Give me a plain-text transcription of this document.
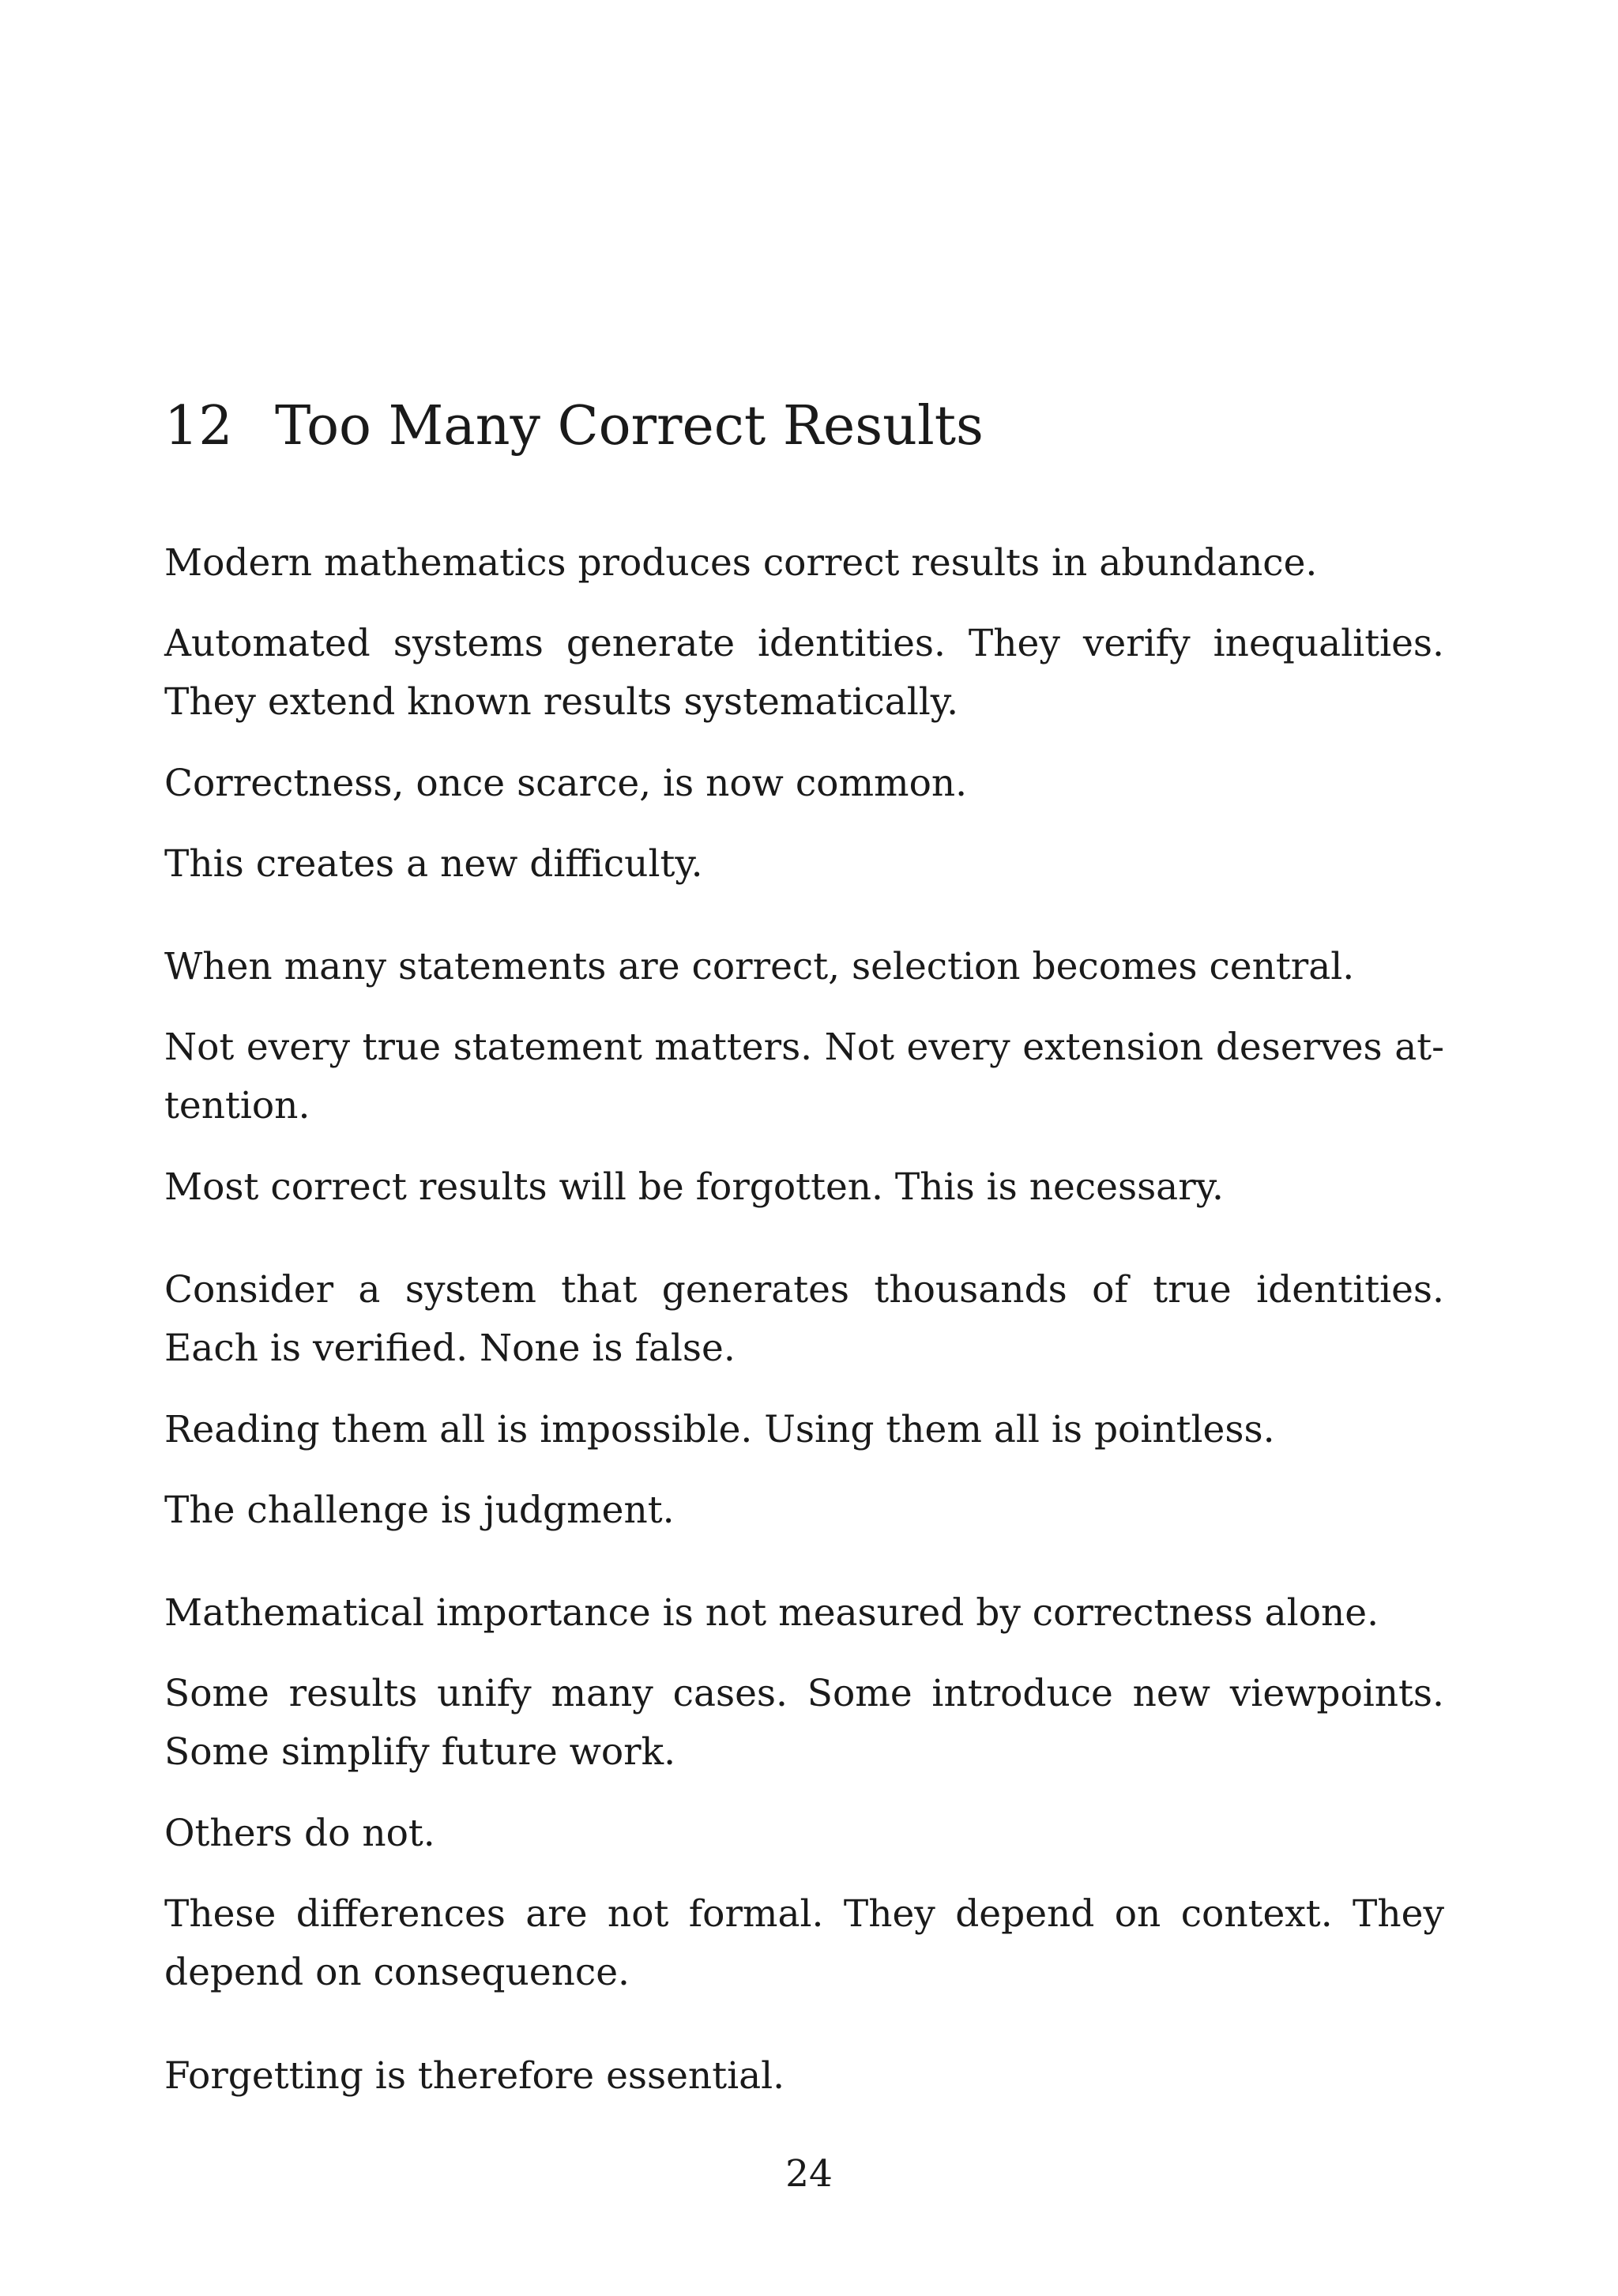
12 Too Many Correct Results

Modern mathematics produces correct results in abundance.

Automated systems generate identities. They verify inequalities. They extend known results systematically.

Correctness, once scarce, is now common.

This creates a new difficulty.

When many statements are correct, selection becomes central.

Not every true statement matters. Not every extension deserves attention.

Most correct results will be forgotten. This is necessary.

Consider a system that generates thousands of true identities. Each is verified. None is false.

Reading them all is impossible. Using them all is pointless.

The challenge is judgment.

Mathematical importance is not measured by correctness alone.

Some results unify many cases. Some introduce new viewpoints. Some simplify future work.

Others do not.

These differences are not formal. They depend on context. They depend on consequence.

Forgetting is therefore essential.

24
